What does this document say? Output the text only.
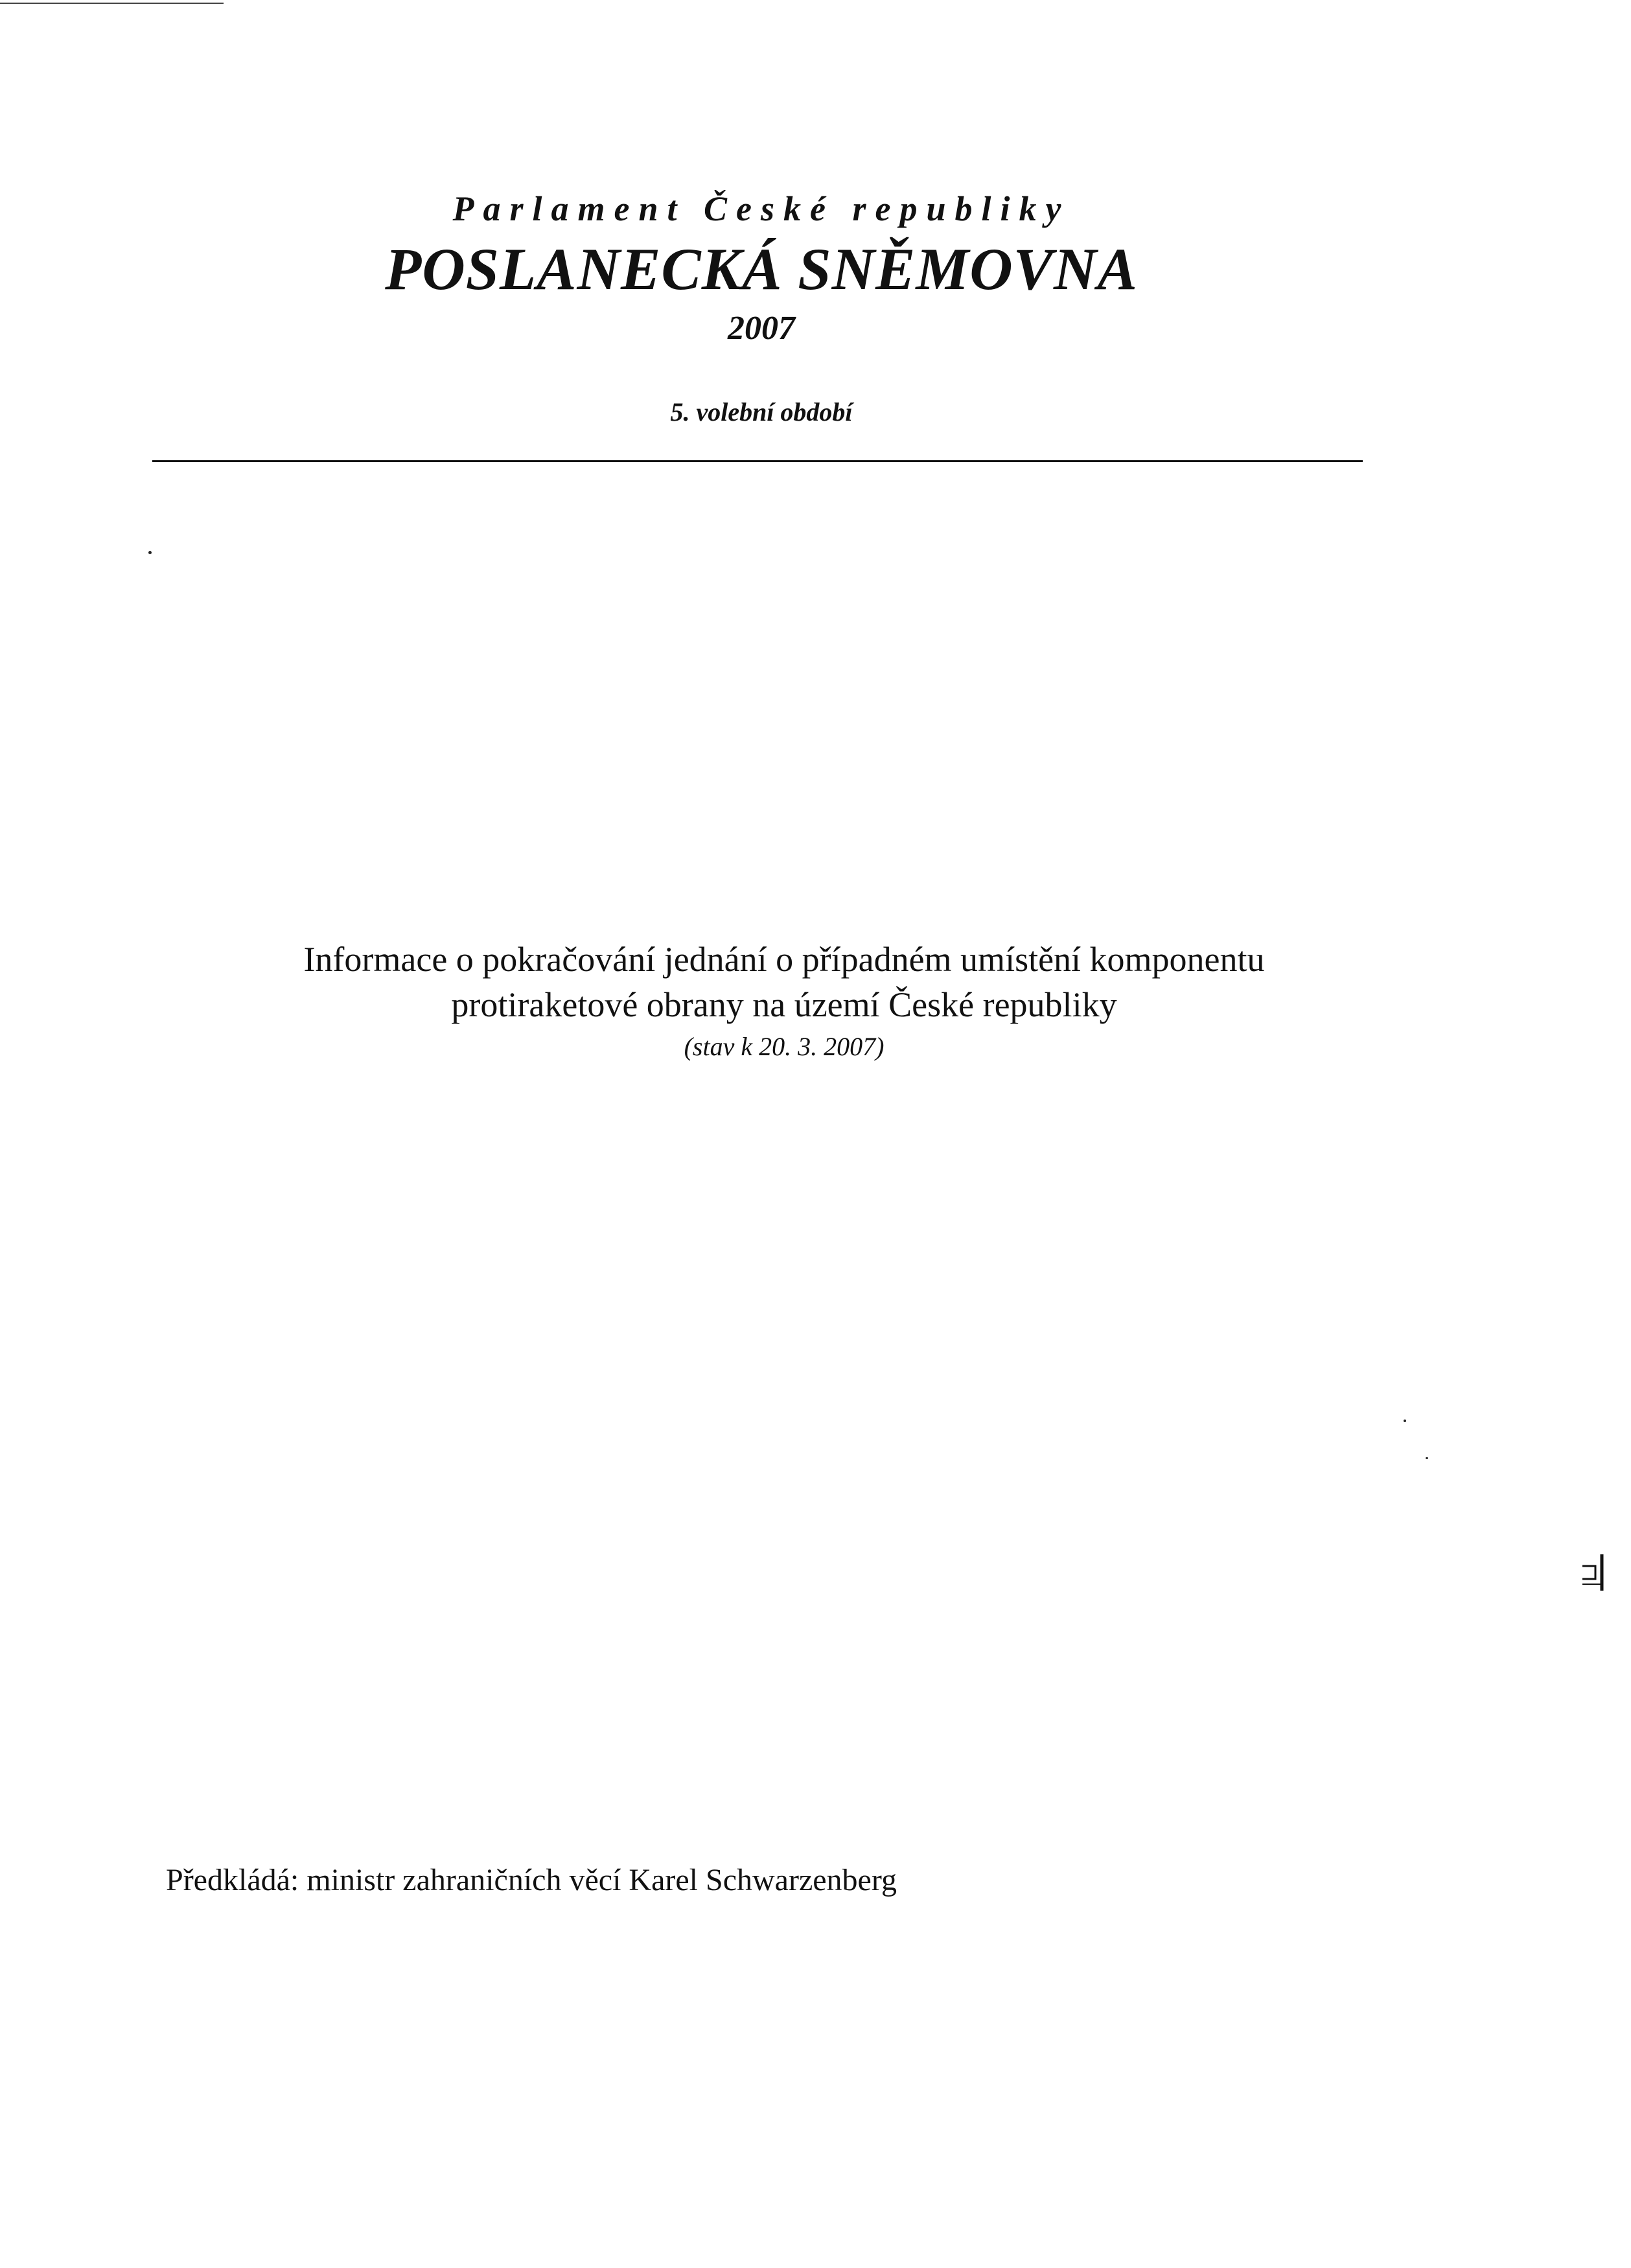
Parlament České republiky
POSLANECKÁ SNĚMOVNA
2007
5. volební období
Informace o pokračování jednání o případném umístění komponentu
protiraketové obrany na území České republiky
(stav k 20. 3. 2007)
Předkládá: ministr zahraničních věcí Karel Schwarzenberg
